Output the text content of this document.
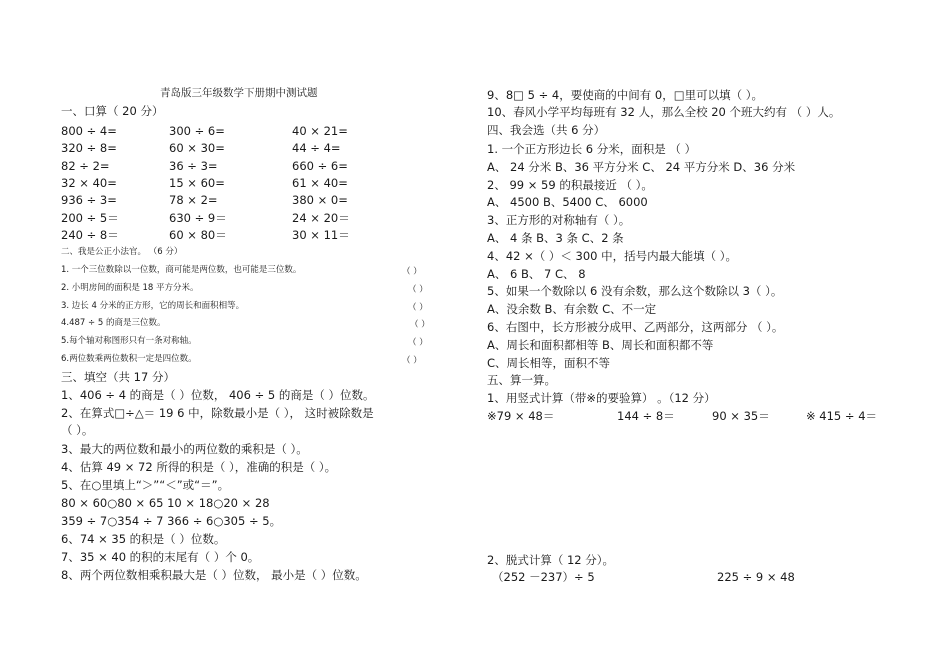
青岛版三年级数学下册期中测试题
一、口算（ 20 分）
800 ÷ 4=	300 ÷ 6=	40 × 21=
320 ÷ 8=	60 × 30=	44 ÷ 4=
82 ÷ 2=	36 ÷ 3=	660 ÷ 6=
32 × 40=	15 × 60=	61 × 40=
936 ÷ 3=	78 × 2=	380 × 0=
200 ÷ 5＝	630 ÷ 9＝	24 × 20＝
240 ÷ 8＝	60 × 80＝	30 × 11＝
二、我是公正小法官。 （6 分）
1. 一个三位数除以一位数，商可能是两位数，也可能是三位数。	（ ）
2. 小明房间的面积是 18 平方分米。	（ ）
3. 边长 4 分米的正方形，它的周长和面积相等。	（ ）
4.487 ÷ 5 的商是三位数。	（ ）
5.每个轴对称图形只有一条对称轴。	（ ）
6.两位数乘两位数积一定是四位数。	（ ）
三、填空（共 17 分）
1、406 ÷ 4 的商是（ ）位数， 406 ÷ 5 的商是（ ）位数。
2、在算式□÷△＝ 19 6 中，除数最小是（ ）， 这时被除数是
（ ）。
3、最大的两位数和最小的两位数的乘积是（ ）。
4、估算 49 × 72 所得的积是（ ），准确的积是（ ）。
5、在○里填上“＞”“＜”或“＝”。
80 × 60○80 × 65 10 × 18○20 × 28
359 ÷ 7○354 ÷ 7 366 ÷ 6○305 ÷ 5。
6、74 × 35 的积是（ ）位数。
7、35 × 40 的积的末尾有（ ）个 0。
8、两个两位数相乘积最大是（ ）位数， 最小是（ ）位数。
9、8□ 5 ÷ 4，要使商的中间有 0，□里可以填（ ）。
10、春风小学平均每班有 32 人，那么全校 20 个班大约有 （ ）人。
四、我会选（共 6 分）
1. 一个正方形边长 6 分米，面积是 （ ）
A、 24 分米 B、36 平方分米 C、 24 平方分米 D、36 分米
2、 99 × 59 的积最接近 （ ）。
A、 4500 B、5400 C、 6000
3、正方形的对称轴有（ ）。
A、 4 条 B、3 条 C、2 条
4、42 ×（ ）＜ 300 中，括号内最大能填（ ）。
A、 6 B、 7 C、 8
5、如果一个数除以 6 没有余数，那么这个数除以 3（ ）。
A、没余数 B、有余数 C、不一定
6、右图中，长方形被分成甲、乙两部分，这两部分 （ ）。
A、周长和面积都相等 B、周长和面积都不等
C、周长相等，面积不等
五、算一算。
1、用竖式计算（带※的要验算） 。（12 分）
※79 × 48＝	144 ÷ 8＝	90 × 35＝	※ 415 ÷ 4＝
2、脱式计算（ 12 分）。
（252 －237）÷ 5	225 ÷ 9 × 48
